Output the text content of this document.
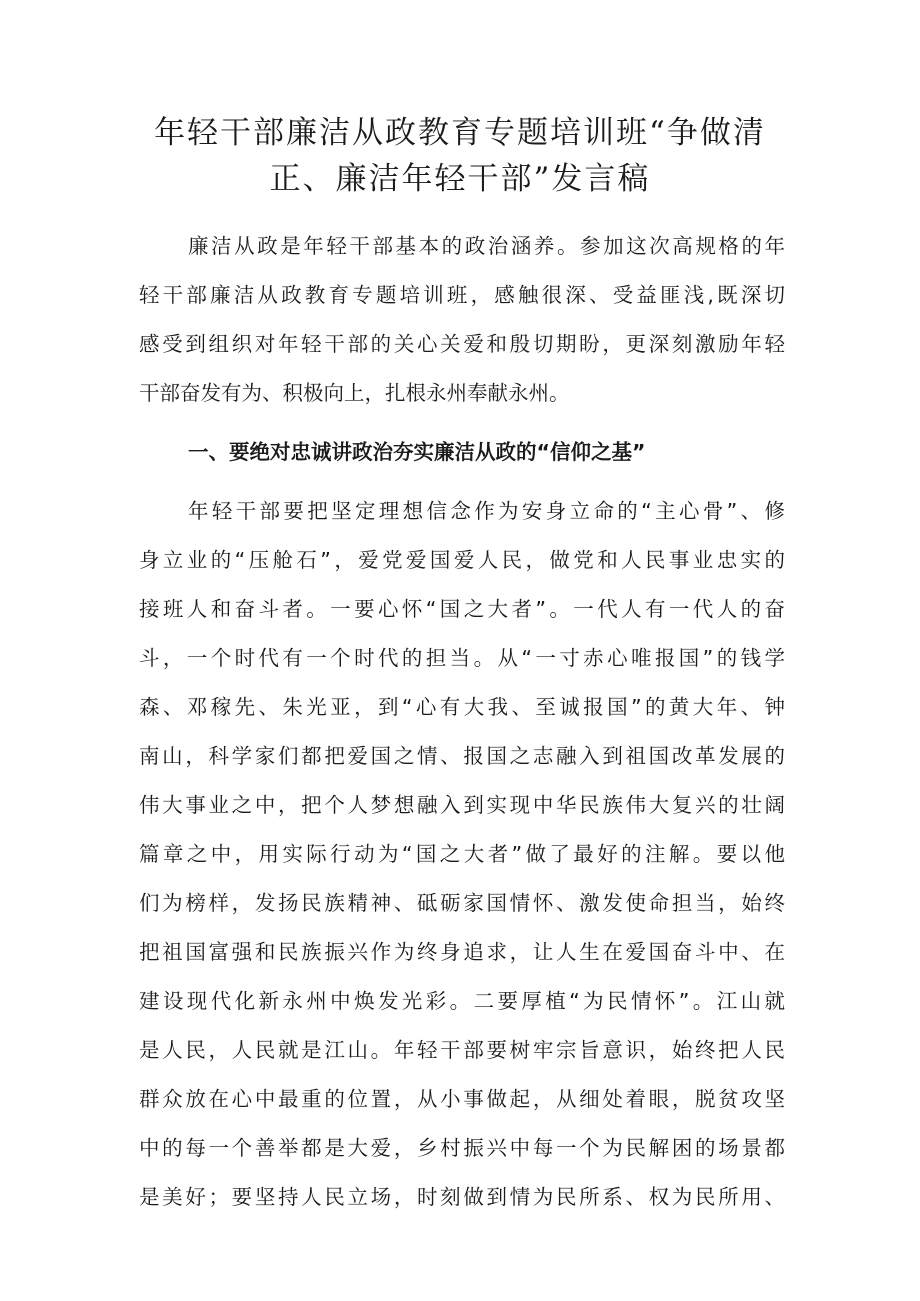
年轻干部廉洁从政教育专题培训班“争做清
正、廉洁年轻干部”发言稿

廉洁从政是年轻干部基本的政治涵养。参加这次高规格的年

轻干部廉洁从政教育专题培训班，感触很深、受益匪浅,既深切

感受到组织对年轻干部的关心关爱和殷切期盼，更深刻激励年轻

干部奋发有为、积极向上，扎根永州奉献永州。

一、要绝对忠诚讲政治夯实廉洁从政的“信仰之基”

年轻干部要把坚定理想信念作为安身立命的“主心骨”、修

身立业的“压舱石”，爱党爱国爱人民，做党和人民事业忠实的

接班人和奋斗者。一要心怀“国之大者”。一代人有一代人的奋

斗，一个时代有一个时代的担当。从“一寸赤心唯报国”的钱学

森、邓稼先、朱光亚，到“心有大我、至诚报国”的黄大年、钟

南山，科学家们都把爱国之情、报国之志融入到祖国改革发展的

伟大事业之中，把个人梦想融入到实现中华民族伟大复兴的壮阔

篇章之中，用实际行动为“国之大者”做了最好的注解。要以他

们为榜样，发扬民族精神、砥砺家国情怀、激发使命担当，始终

把祖国富强和民族振兴作为终身追求，让人生在爱国奋斗中、在

建设现代化新永州中焕发光彩。二要厚植“为民情怀”。江山就

是人民，人民就是江山。年轻干部要树牢宗旨意识，始终把人民

群众放在心中最重的位置，从小事做起，从细处着眼，脱贫攻坚

中的每一个善举都是大爱，乡村振兴中每一个为民解困的场景都

是美好；要坚持人民立场，时刻做到情为民所系、权为民所用、
